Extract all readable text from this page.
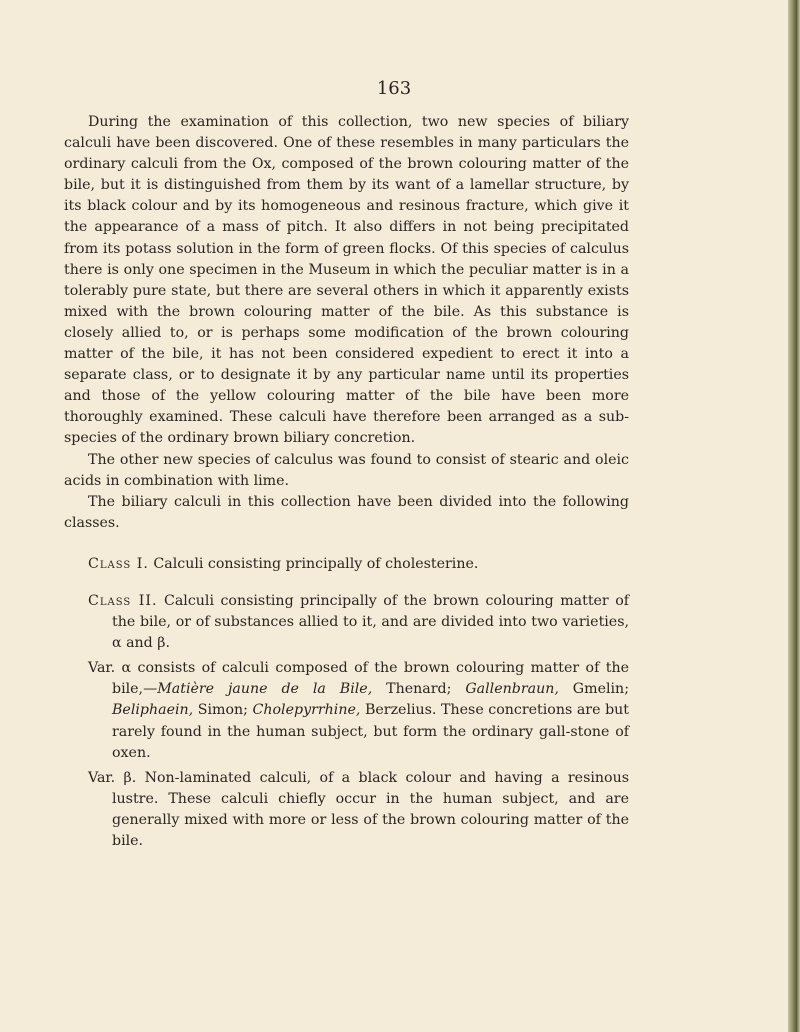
163

During the examination of this collection, two new species of biliary calculi have been discovered. One of these resembles in many particulars the ordinary calculi from the Ox, composed of the brown colouring matter of the bile, but it is distinguished from them by its want of a lamellar structure, by its black colour and by its homogeneous and resinous fracture, which give it the appearance of a mass of pitch. It also differs in not being precipitated from its potass solution in the form of green flocks. Of this species of calculus there is only one specimen in the Museum in which the peculiar matter is in a tolerably pure state, but there are several others in which it apparently exists mixed with the brown colouring matter of the bile. As this substance is closely allied to, or is perhaps some modification of the brown colouring matter of the bile, it has not been considered expedient to erect it into a separate class, or to designate it by any particular name until its properties and those of the yellow colouring matter of the bile have been more thoroughly examined. These calculi have therefore been arranged as a sub-species of the ordinary brown biliary concretion.

The other new species of calculus was found to consist of stearic and oleic acids in combination with lime.

The biliary calculi in this collection have been divided into the following classes.

Class I. Calculi consisting principally of cholesterine.

Class II. Calculi consisting principally of the brown colouring matter of the bile, or of substances allied to it, and are divided into two varieties, α and β.

Var. α consists of calculi composed of the brown colouring matter of the bile,—Matière jaune de la Bile, Thenard; Gallenbraun, Gmelin; Beliphaein, Simon; Cholepyrrhine, Berzelius. These concretions are but rarely found in the human subject, but form the ordinary gall-stone of oxen.

Var. β. Non-laminated calculi, of a black colour and having a resinous lustre. These calculi chiefly occur in the human subject, and are generally mixed with more or less of the brown colouring matter of the bile.
